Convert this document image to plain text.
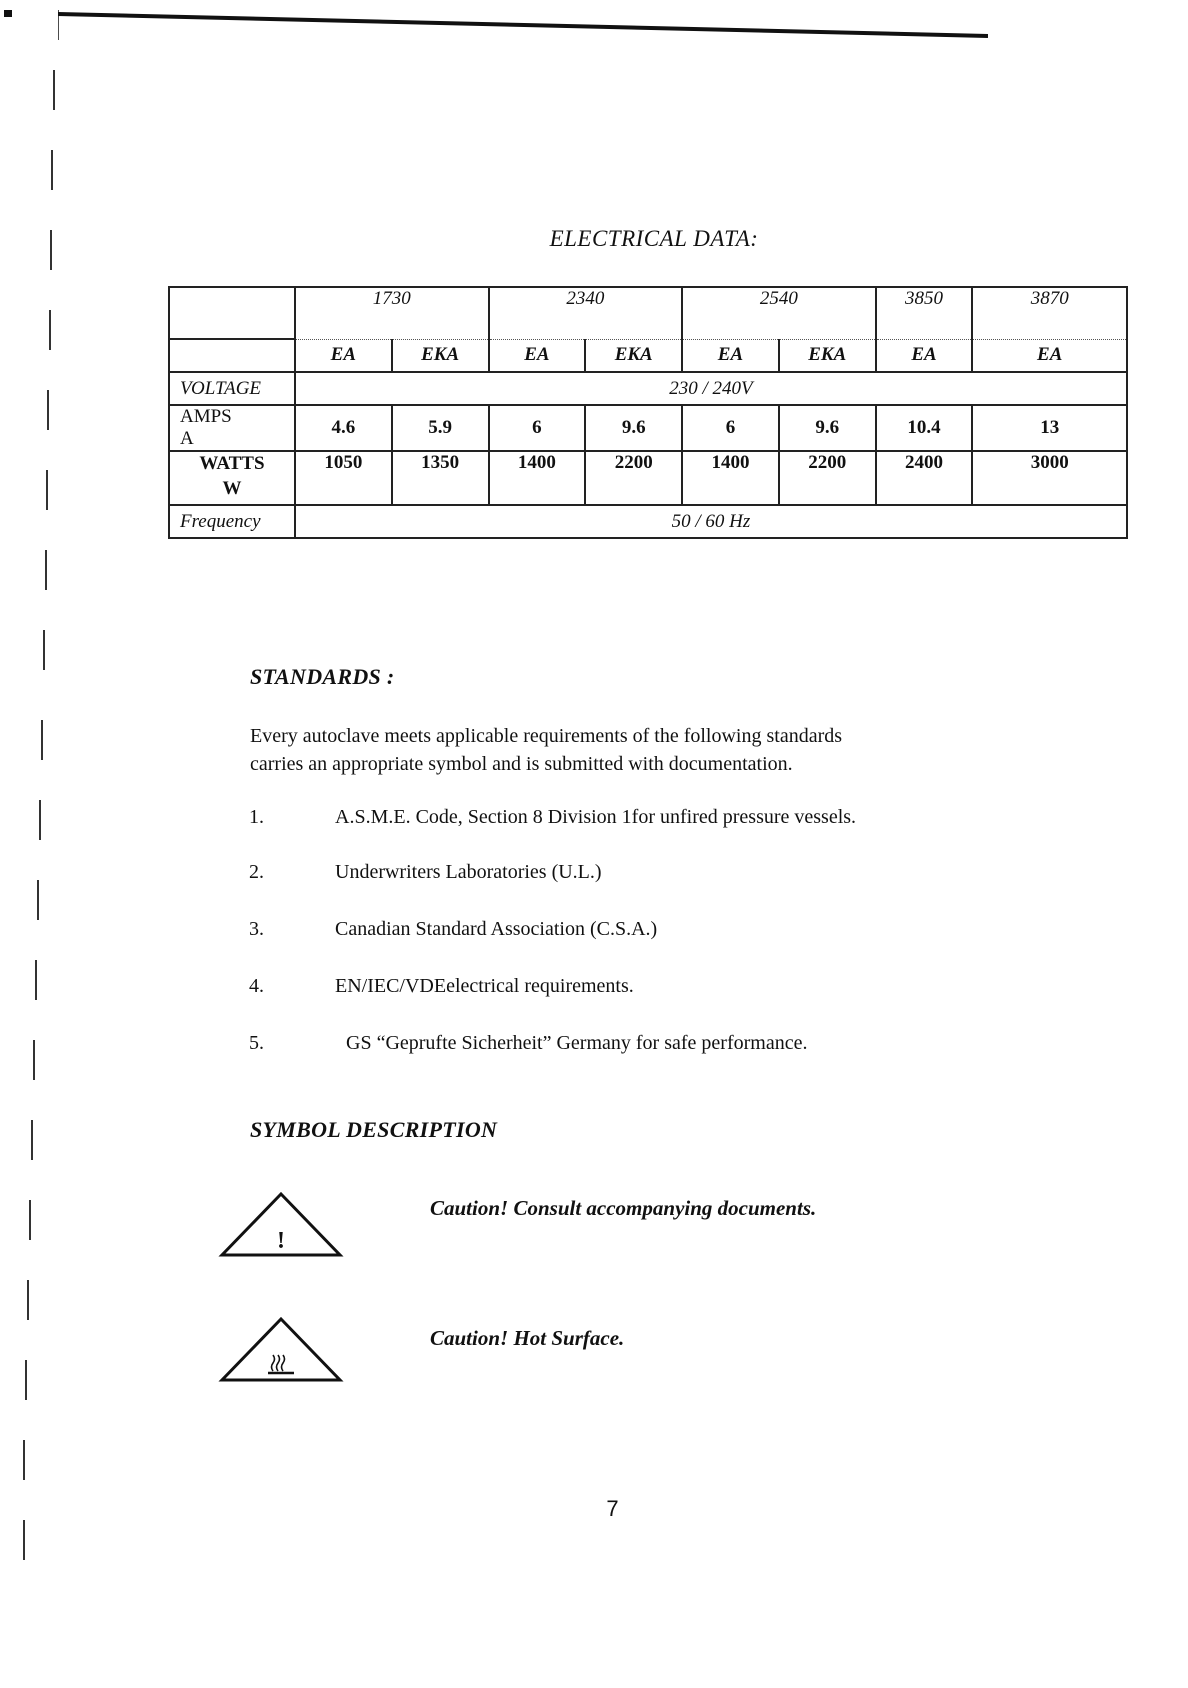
ELECTRICAL DATA:
	1730		2340		2540		3850	3870
	EA	EKA	EA	EKA	EA	EKA	EA	EA
VOLTAGE	230 / 240V							
AMPSA	4.6	5.9	6	9.6	6	9.6	10.4	13

WATTS
W	1050	1350	1400	2200	1400	2200	2400	3000
Frequency	50 / 60 Hz							
STANDARDS :
Every autoclave meets applicable requirements of the following standards
carries an appropriate symbol and is submitted with documentation.
1.	A.S.M.E. Code, Section 8 Division 1for unfired pressure vessels.
2.	Underwriters Laboratories (U.L.)
3.	Canadian Standard Association (C.S.A.)
4.	EN/IEC/VDEelectrical requirements.
5.	GS “Geprufte Sicherheit” Germany for safe performance.
SYMBOL DESCRIPTION
!
Caution! Consult accompanying documents.
Caution! Hot Surface.
7
